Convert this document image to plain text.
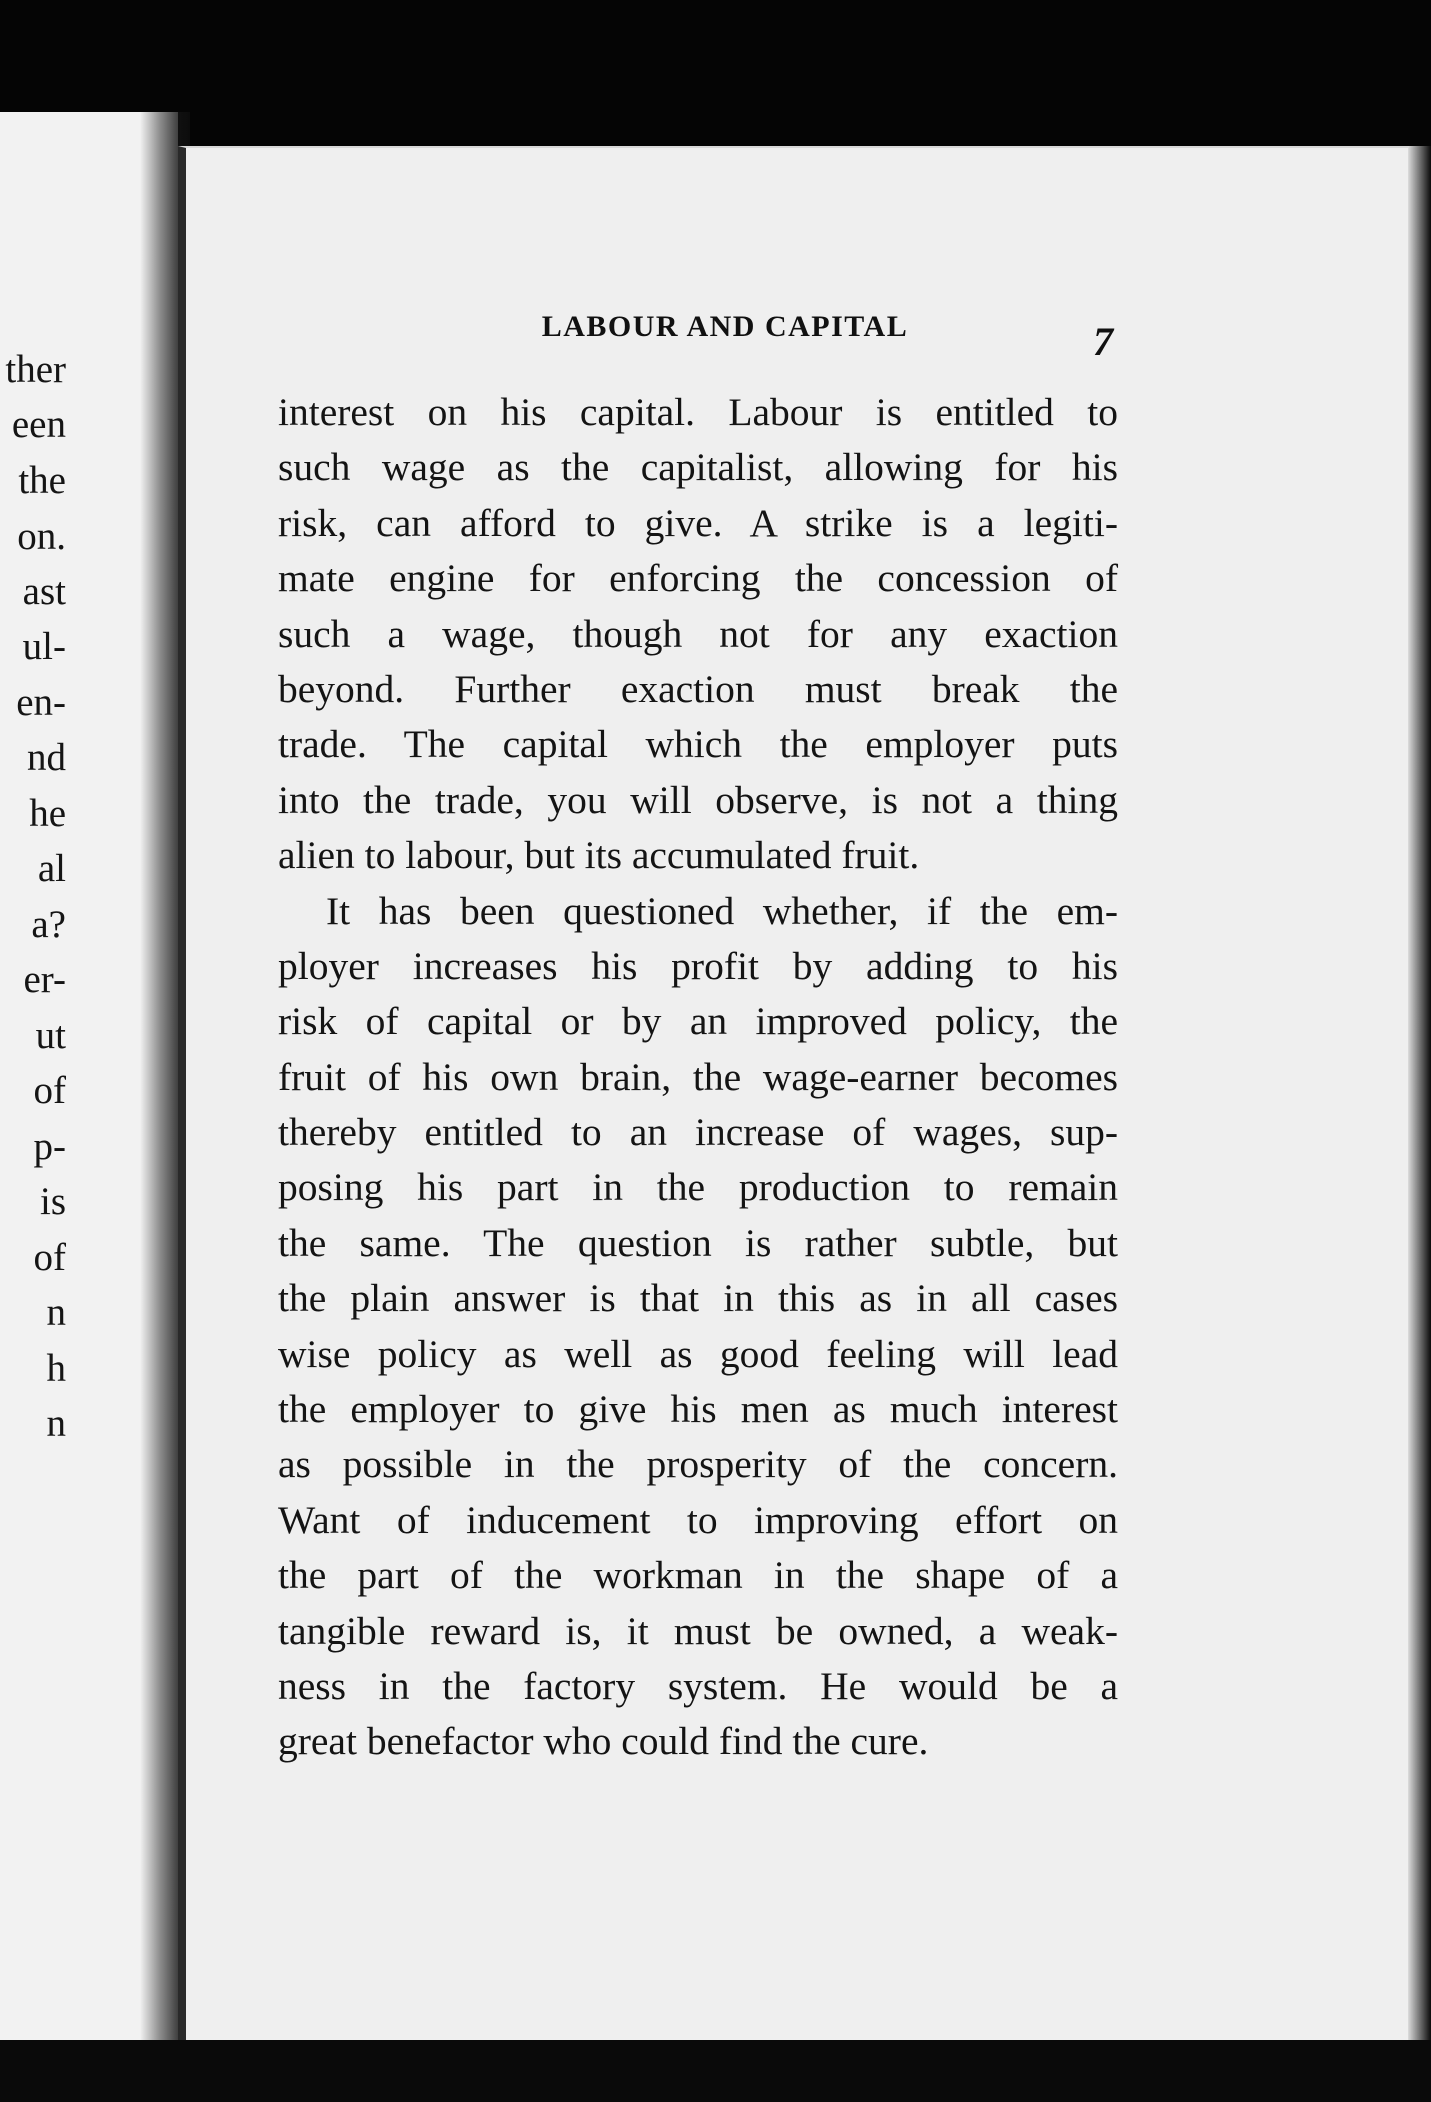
ther
een
the
on.
ast
ul-
en-
nd
he
al
a?
er-
ut
of
p-
is
of
n
h
n
LABOUR AND CAPITAL	7
interest on his capital. Labour is entitled to
such wage as the capitalist, allowing for his
risk, can afford to give. A strike is a legiti-
mate engine for enforcing the concession of
such a wage, though not for any exaction
beyond. Further exaction must break the
trade. The capital which the employer puts
into the trade, you will observe, is not a thing
alien to labour, but its accumulated fruit.
It has been questioned whether, if the em-
ployer increases his profit by adding to his
risk of capital or by an improved policy, the
fruit of his own brain, the wage-earner becomes
thereby entitled to an increase of wages, sup-
posing his part in the production to remain
the same. The question is rather subtle, but
the plain answer is that in this as in all cases
wise policy as well as good feeling will lead
the employer to give his men as much interest
as possible in the prosperity of the concern.
Want of inducement to improving effort on
the part of the workman in the shape of a
tangible reward is, it must be owned, a weak-
ness in the factory system. He would be a
great benefactor who could find the cure.
